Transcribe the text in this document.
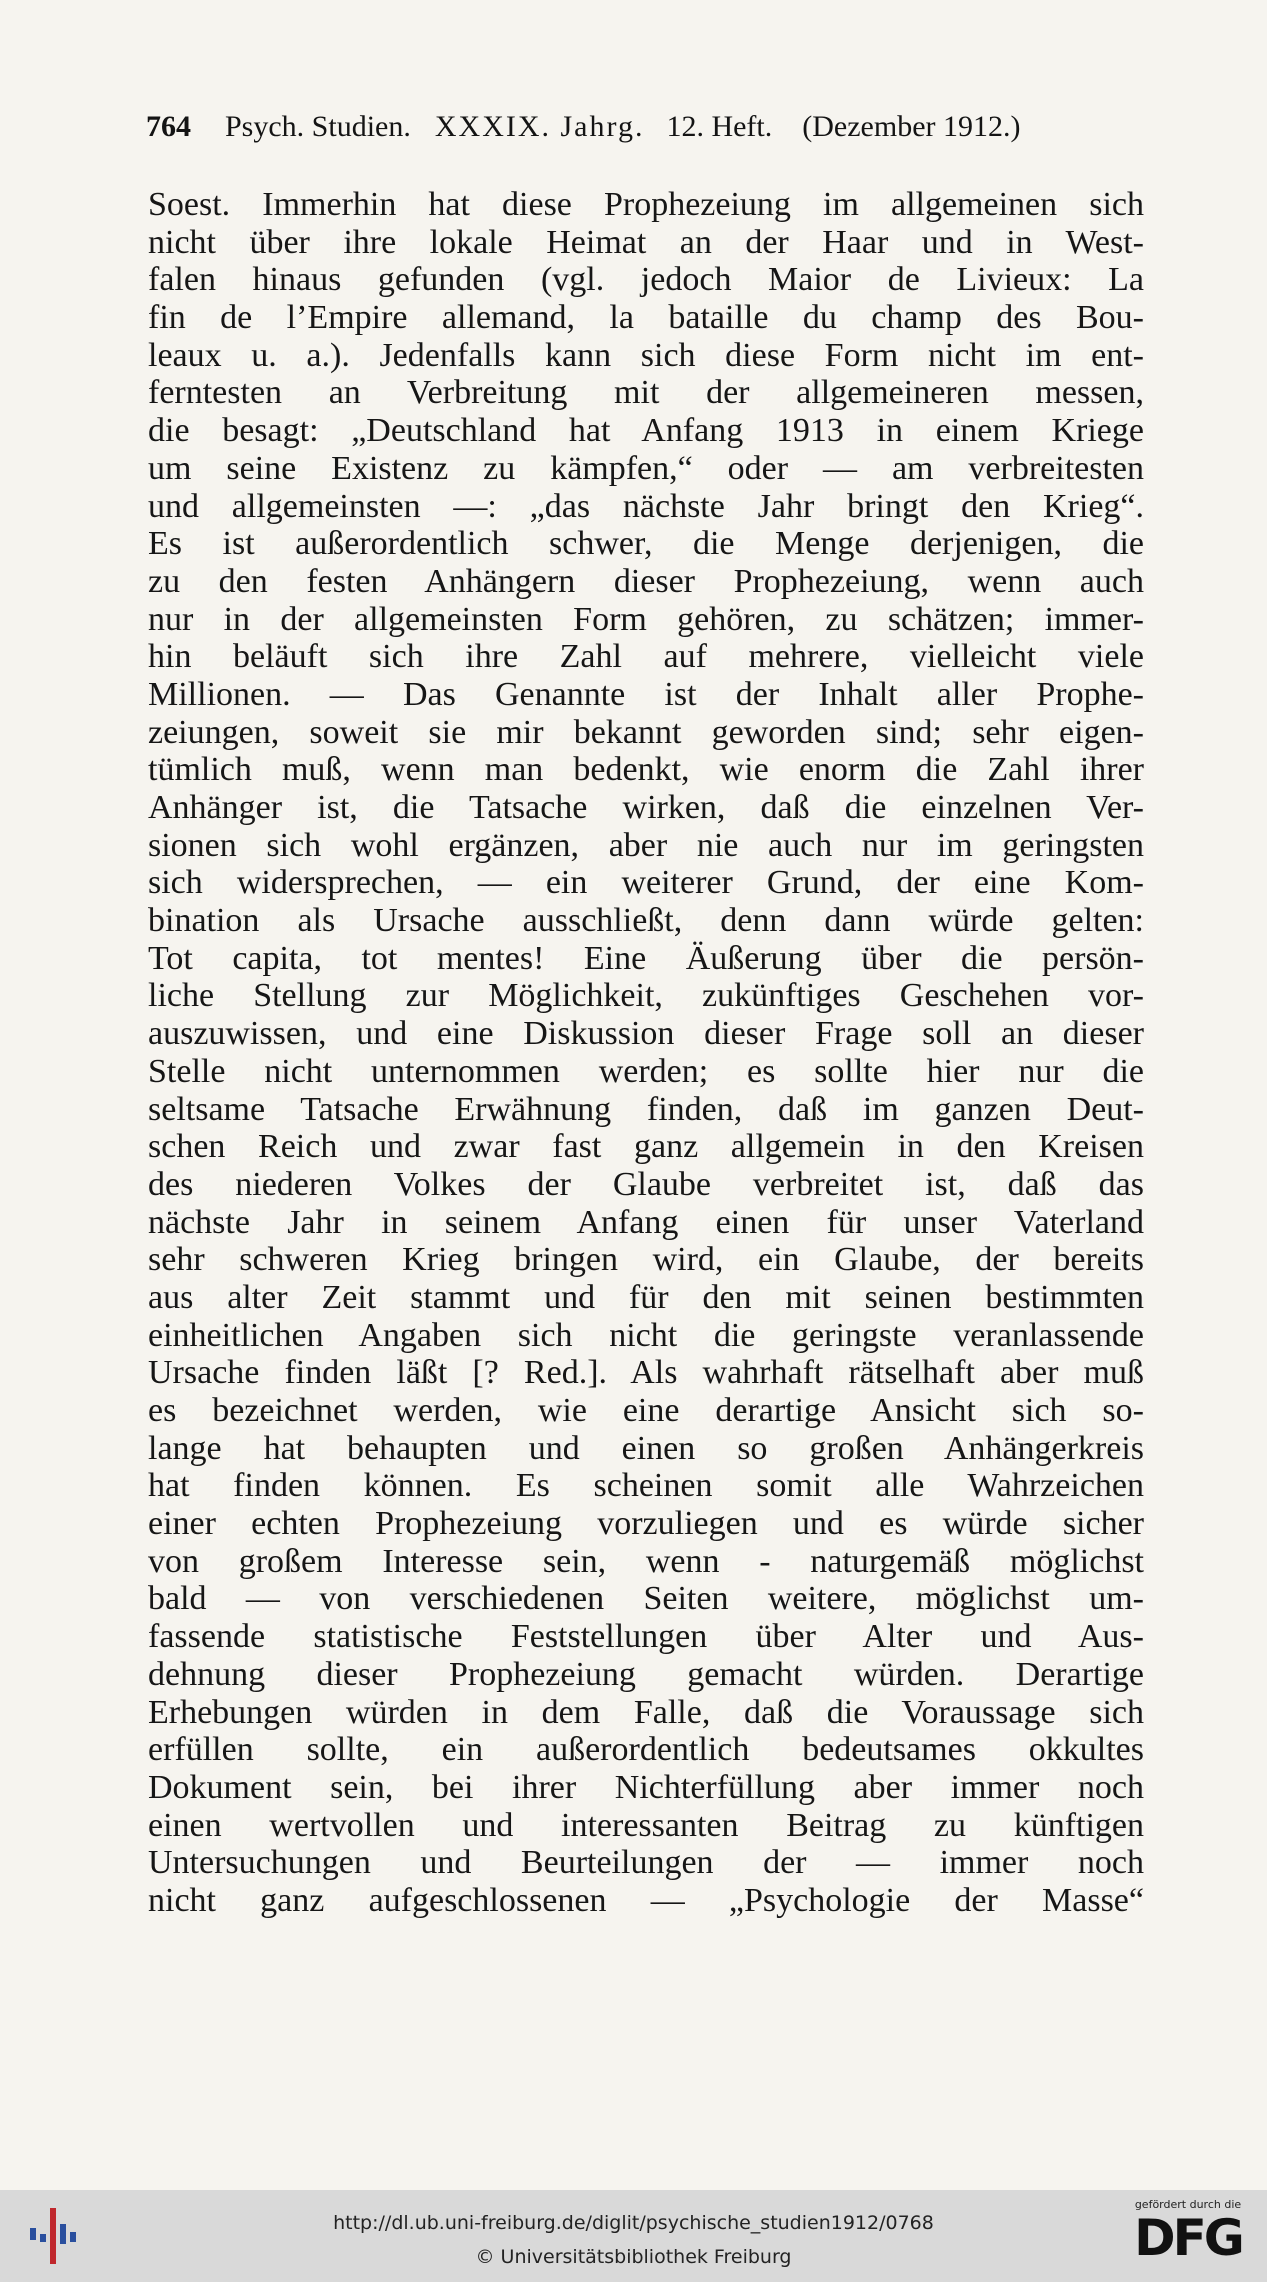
764 Psych. Studien. XXXIX. Jahrg. 12. Heft. (Dezember 1912.)
Soest. Immerhin hat diese Prophezeiung im allgemeinen sich
nicht über ihre lokale Heimat an der Haar und in West-
falen hinaus gefunden (vgl. jedoch Maior de Livieux: La
fin de l’Empire allemand, la bataille du champ des Bou-
leaux u. a.). Jedenfalls kann sich diese Form nicht im ent-
ferntesten an Verbreitung mit der allgemeineren messen,
die besagt: „Deutschland hat Anfang 1913 in einem Kriege
um seine Existenz zu kämpfen,“ oder — am verbreitesten
und allgemeinsten —: „das nächste Jahr bringt den Krieg“.
Es ist außerordentlich schwer, die Menge derjenigen, die
zu den festen Anhängern dieser Prophezeiung, wenn auch
nur in der allgemeinsten Form gehören, zu schätzen; immer-
hin beläuft sich ihre Zahl auf mehrere, vielleicht viele
Millionen. — Das Genannte ist der Inhalt aller Prophe-
zeiungen, soweit sie mir bekannt geworden sind; sehr eigen-
tümlich muß, wenn man bedenkt, wie enorm die Zahl ihrer
Anhänger ist, die Tatsache wirken, daß die einzelnen Ver-
sionen sich wohl ergänzen, aber nie auch nur im geringsten
sich widersprechen, — ein weiterer Grund, der eine Kom-
bination als Ursache ausschließt, denn dann würde gelten:
Tot capita, tot mentes! Eine Äußerung über die persön-
liche Stellung zur Möglichkeit, zukünftiges Geschehen vor-
auszuwissen, und eine Diskussion dieser Frage soll an dieser
Stelle nicht unternommen werden; es sollte hier nur die
seltsame Tatsache Erwähnung finden, daß im ganzen Deut-
schen Reich und zwar fast ganz allgemein in den Kreisen
des niederen Volkes der Glaube verbreitet ist, daß das
nächste Jahr in seinem Anfang einen für unser Vaterland
sehr schweren Krieg bringen wird, ein Glaube, der bereits
aus alter Zeit stammt und für den mit seinen bestimmten
einheitlichen Angaben sich nicht die geringste veranlassende
Ursache finden läßt [? Red.]. Als wahrhaft rätselhaft aber muß
es bezeichnet werden, wie eine derartige Ansicht sich so-
lange hat behaupten und einen so großen Anhängerkreis
hat finden können. Es scheinen somit alle Wahrzeichen
einer echten Prophezeiung vorzuliegen und es würde sicher
von großem Interesse sein, wenn - naturgemäß möglichst
bald — von verschiedenen Seiten weitere, möglichst um-
fassende statistische Feststellungen über Alter und Aus-
dehnung dieser Prophezeiung gemacht würden. Derartige
Erhebungen würden in dem Falle, daß die Voraussage sich
erfüllen sollte, ein außerordentlich bedeutsames okkultes
Dokument sein, bei ihrer Nichterfüllung aber immer noch
einen wertvollen und interessanten Beitrag zu künftigen
Untersuchungen und Beurteilungen der — immer noch
nicht ganz aufgeschlossenen — „Psychologie der Masse“
http://dl.ub.uni-freiburg.de/diglit/psychische_studien1912/0768
© Universitätsbibliothek Freiburg
gefördert durch die
DFG
